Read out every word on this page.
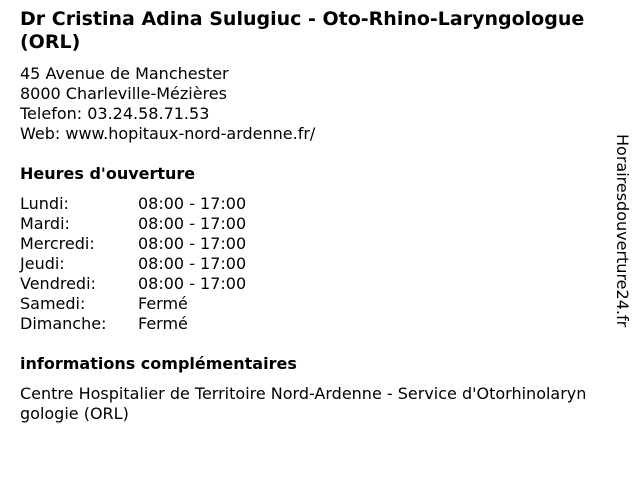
Dr Cristina Adina Sulugiuc - Oto-Rhino-Laryngologue (ORL)
45 Avenue de Manchester
8000 Charleville-Mézières
Telefon: 03.24.58.71.53
Web: www.hopitaux-nord-ardenne.fr/
Heures d'ouverture
Lundi:	08:00 - 17:00
Mardi:	08:00 - 17:00
Mercredi:	08:00 - 17:00
Jeudi:	08:00 - 17:00
Vendredi:	08:00 - 17:00
Samedi:	Fermé
Dimanche:	Fermé
informations complémentaires
Centre Hospitalier de Territoire Nord-Ardenne - Service d'Otorhinolaryngologie (ORL)
Horairesdouverture24.fr
